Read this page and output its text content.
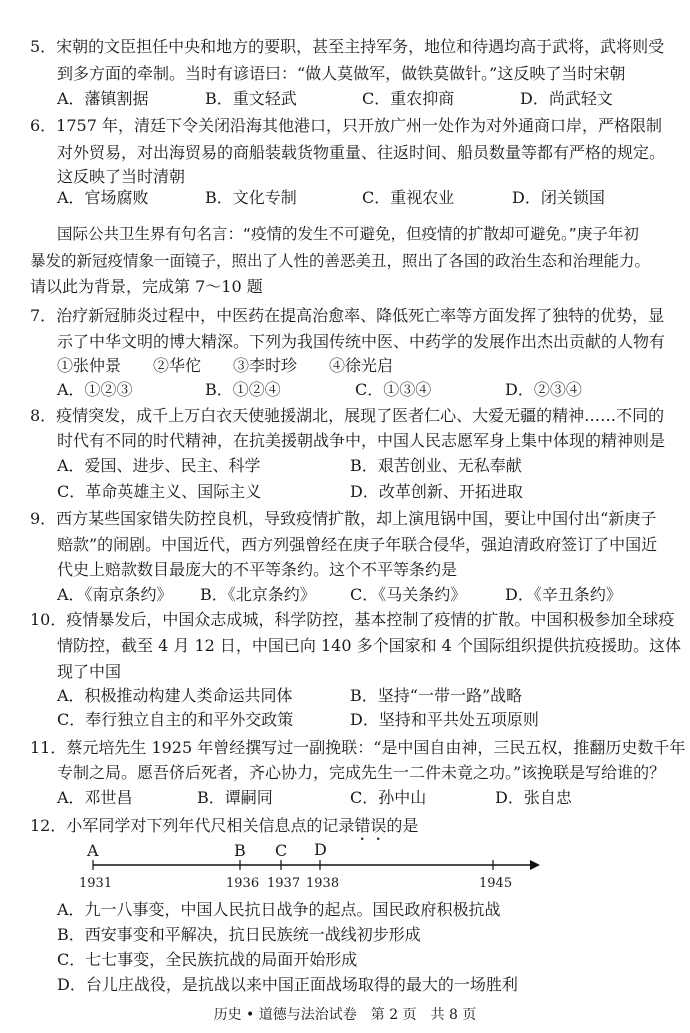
5．宋朝的文臣担任中央和地方的要职，甚至主持军务，地位和待遇均高于武将，武将则受
到多方面的牵制。当时有谚语曰：“做人莫做军，做铁莫做针。”这反映了当时宋朝
A．藩镇割据	B．重文轻武	C．重农抑商	D．尚武轻文
6．1757 年，清廷下令关闭沿海其他港口，只开放广州一处作为对外通商口岸，严格限制
对外贸易，对出海贸易的商船装载货物重量、往返时间、船员数量等都有严格的规定。
这反映了当时清朝
A．官场腐败	B．文化专制	C．重视农业	D．闭关锁国
国际公共卫生界有句名言：“疫情的发生不可避免，但疫情的扩散却可避免。”庚子年初
暴发的新冠疫情象一面镜子，照出了人性的善恶美丑，照出了各国的政治生态和治理能力。
请以此为背景，完成第 7～10 题
7．治疗新冠肺炎过程中，中医药在提高治愈率、降低死亡率等方面发挥了独特的优势，显
示了中华文明的博大精深。下列为我国传统中医、中药学的发展作出杰出贡献的人物有
①张仲景　　②华佗　　③李时珍　　④徐光启
A．①②③	B．①②④	C．①③④	D．②③④
8．疫情突发，成千上万白衣天使驰援湖北，展现了医者仁心、大爱无疆的精神……不同的
时代有不同的时代精神，在抗美援朝战争中，中国人民志愿军身上集中体现的精神则是
A．爱国、进步、民主、科学	B．艰苦创业、无私奉献
C．革命英雄主义、国际主义	D．改革创新、开拓进取
9．西方某些国家错失防控良机，导致疫情扩散，却上演甩锅中国，要让中国付出“新庚子
赔款”的闹剧。中国近代，西方列强曾经在庚子年联合侵华，强迫清政府签订了中国近
代史上赔款数目最庞大的不平等条约。这个不平等条约是
A．《南京条约》 B．《北京条约》 C．《马关条约》 D．《辛丑条约》
10．疫情暴发后，中国众志成城，科学防控，基本控制了疫情的扩散。中国积极参加全球疫
情防控，截至 4 月 12 日，中国已向 140 多个国家和 4 个国际组织提供抗疫援助。这体
现了中国
A．积极推动构建人类命运共同体	B．坚持“一带一路”战略
C．奉行独立自主的和平外交政策	D．坚持和平共处五项原则
11．蔡元培先生 1925 年曾经撰写过一副挽联：“是中国自由神，三民五权，推翻历史数千年
专制之局。愿吾侪后死者，齐心协力，完成先生一二件未竟之功。”该挽联是写给谁的？
A．邓世昌	B．谭嗣同	C．孙中山	D．张自忠
12．小军同学对下列年代尺相关信息点的记录错误的是
A	B C D
1931	1936 1937 1938	1945
A．九一八事变，中国人民抗日战争的起点。国民政府积极抗战
B．西安事变和平解决，抗日民族统一战线初步形成
C．七七事变，全民族抗战的局面开始形成
D．台儿庄战役，是抗战以来中国正面战场取得的最大的一场胜利
历史 • 道德与法治试卷　第 2 页　共 8 页
